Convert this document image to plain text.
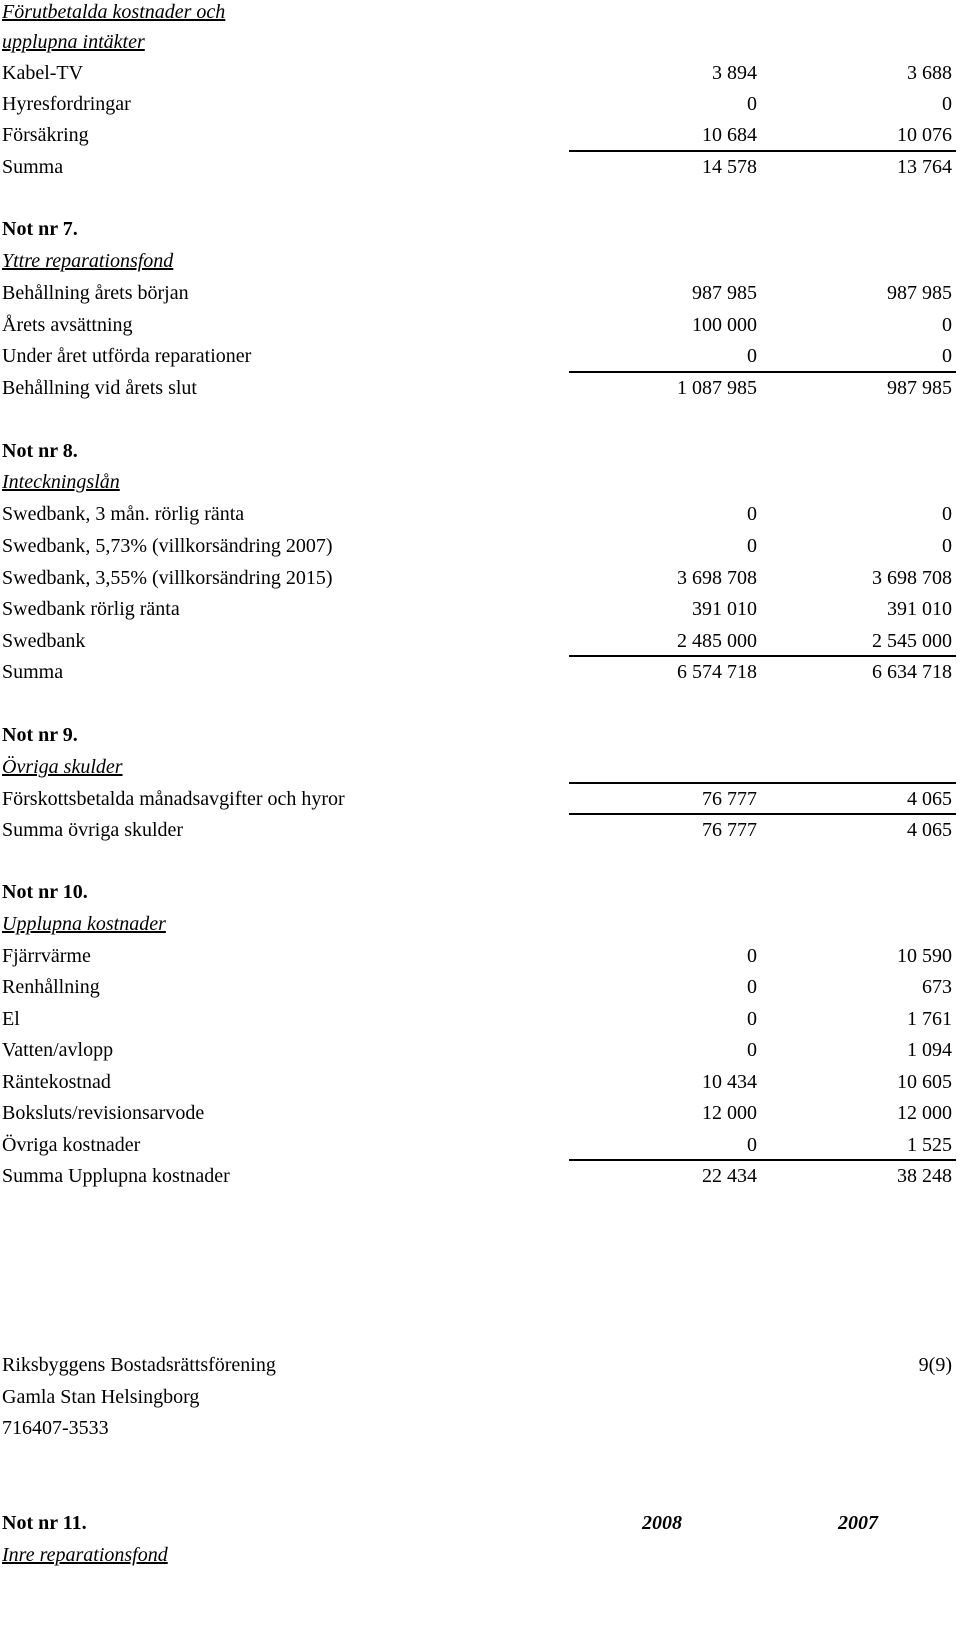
Förutbetalda kostnader och
upplupna intäkter
Kabel-TV	3 894	3 688
Hyresfordringar	0	0
Försäkring	10 684	10 076
Summa	14 578	13 764
Not nr 7.
Yttre reparationsfond
Behållning årets början	987 985	987 985
Årets avsättning	100 000	0
Under året utförda reparationer	0	0
Behållning vid årets slut	1 087 985	987 985
Not nr 8.
Inteckningslån
Swedbank, 3 mån. rörlig ränta	0	0
Swedbank, 5,73% (villkorsändring 2007)	0	0
Swedbank, 3,55% (villkorsändring 2015)	3 698 708	3 698 708
Swedbank rörlig ränta	391 010	391 010
Swedbank	2 485 000	2 545 000
Summa	6 574 718	6 634 718
Not nr 9.
Övriga skulder
Förskottsbetalda månadsavgifter och hyror	76 777	4 065
Summa övriga skulder	76 777	4 065
Not nr 10.
Upplupna kostnader
Fjärrvärme	0	10 590
Renhållning	0	673
El	0	1 761
Vatten/avlopp	0	1 094
Räntekostnad	10 434	10 605
Boksluts/revisionsarvode	12 000	12 000
Övriga kostnader	0	1 525
Summa Upplupna kostnader	22 434	38 248
Riksbyggens Bostadsrättsförening	9(9)
Gamla Stan Helsingborg
716407-3533
Not nr 11.	2008	2007
Inre reparationsfond
